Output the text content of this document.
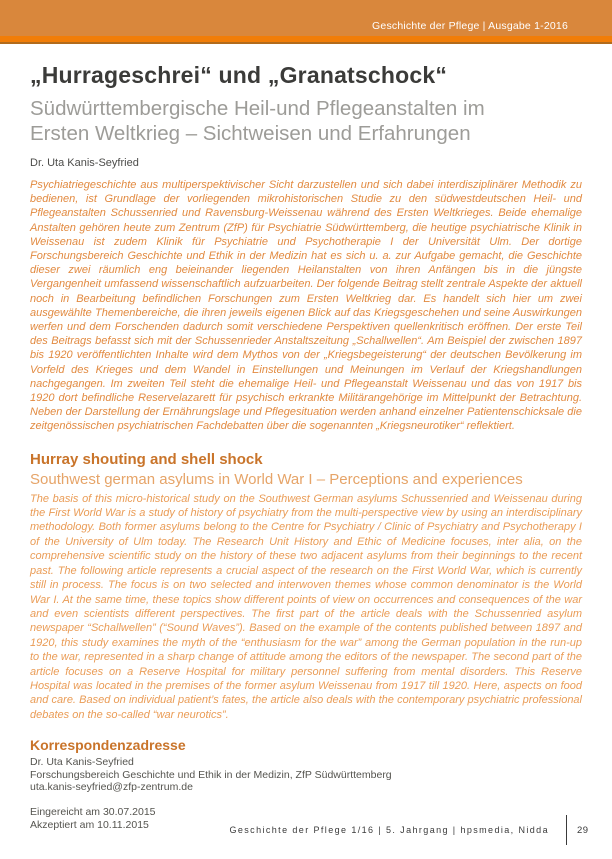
Geschichte der Pflege | Ausgabe 1-2016
„Hurrageschrei“ und „Granatschock“
Südwürttembergische Heil-und Pflegeanstalten im Ersten Weltkrieg – Sichtweisen und Erfahrungen
Dr. Uta Kanis-Seyfried

Psychiatriegeschichte aus multiperspektivischer Sicht darzustellen und sich dabei interdisziplinärer Methodik zu bedienen, ist Grundlage der vorliegenden mikrohistorischen Studie zu den südwestdeutschen Heil- und Pflegeanstalten Schussenried und Ravensburg-Weissenau während des Ersten Weltkrieges. Beide ehemalige Anstalten gehören heute zum Zentrum (ZfP) für Psychiatrie Südwürttemberg, die heutige psychiatrische Klinik in Weissenau ist zudem Klinik für Psychiatrie und Psychotherapie I der Universität Ulm. Der dortige Forschungsbereich Geschichte und Ethik in der Medizin hat es sich u. a. zur Aufgabe gemacht, die Geschichte dieser zwei räumlich eng beieinander liegenden Heilanstalten von ihren Anfängen bis in die jüngste Vergangenheit umfassend wissenschaftlich aufzuarbeiten. Der folgende Beitrag stellt zentrale Aspekte der aktuell noch in Bearbeitung befindlichen Forschungen zum Ersten Weltkrieg dar. Es handelt sich hier um zwei ausgewählte Themenbereiche, die ihren jeweils eigenen Blick auf das Kriegsgeschehen und seine Auswirkungen werfen und dem Forschenden dadurch somit verschiedene Perspektiven quellenkritisch eröffnen. Der erste Teil des Beitrags befasst sich mit der Schussenrieder Anstaltszeitung „Schallwellen“. Am Beispiel der zwischen 1897 bis 1920 veröffentlichten Inhalte wird dem Mythos von der „Kriegsbegeisterung“ der deutschen Bevölkerung im Vorfeld des Krieges und dem Wandel in Einstellungen und Meinungen im Verlauf der Kriegshandlungen nachgegangen. Im zweiten Teil steht die ehemalige Heil- und Pflegeanstalt Weissenau und das von 1917 bis 1920 dort befindliche Reservelazarett für psychisch erkrankte Militärangehörige im Mittelpunkt der Betrachtung. Neben der Darstellung der Ernährungslage und Pflegesituation werden anhand einzelner Patientenschicksale die zeitgenössischen psychiatrischen Fachdebatten über die sogenannten „Kriegsneurotiker“ reflektiert.

Hurray shouting and shell shock
Southwest german asylums in World War I – Perceptions and experiences

The basis of this micro-historical study on the Southwest German asylums Schussenried and Weissenau during the First World War is a study of history of psychiatry from the multi-perspective view by using an interdisciplinary methodology. Both former asylums belong to the Centre for Psychiatry / Clinic of Psychiatry and Psychotherapy I of the University of Ulm today. The Research Unit History and Ethic of Medicine focuses, inter alia, on the comprehensive scientific study on the history of these two adjacent asylums from their beginnings to the recent past. The following article represents a crucial aspect of the research on the First World War, which is currently still in process. The focus is on two selected and interwoven themes whose common denominator is the World War I. At the same time, these topics show different points of view on occurrences and consequences of the war and even scientists different perspectives. The first part of the article deals with the Schussenried asylum newspaper “Schallwellen” (“Sound Waves”). Based on the example of the contents published between 1897 and 1920, this study examines the myth of the “enthusiasm for the war” among the German population in the run-up to the war, represented in a sharp change of attitude among the editors of the newspaper. The second part of the article focuses on a Reserve Hospital for military personnel suffering from mental disorders. This Reserve Hospital was located in the premises of the former asylum Weissenau from 1917 till 1920. Here, aspects on food and care. Based on individual patient’s fates, the article also deals with the contemporary psychiatric professional debates on the so-called “war neurotics”.

Korrespondenzadresse
Dr. Uta Kanis-Seyfried
Forschungsbereich Geschichte und Ethik in der Medizin, ZfP Südwürttemberg
uta.kanis-seyfried@zfp-zentrum.de
Eingereicht am 30.07.2015
Akzeptiert am 10.11.2015	Geschichte der Pflege 1/16 | 5. Jahrgang | hpsmedia, Nidda	29
